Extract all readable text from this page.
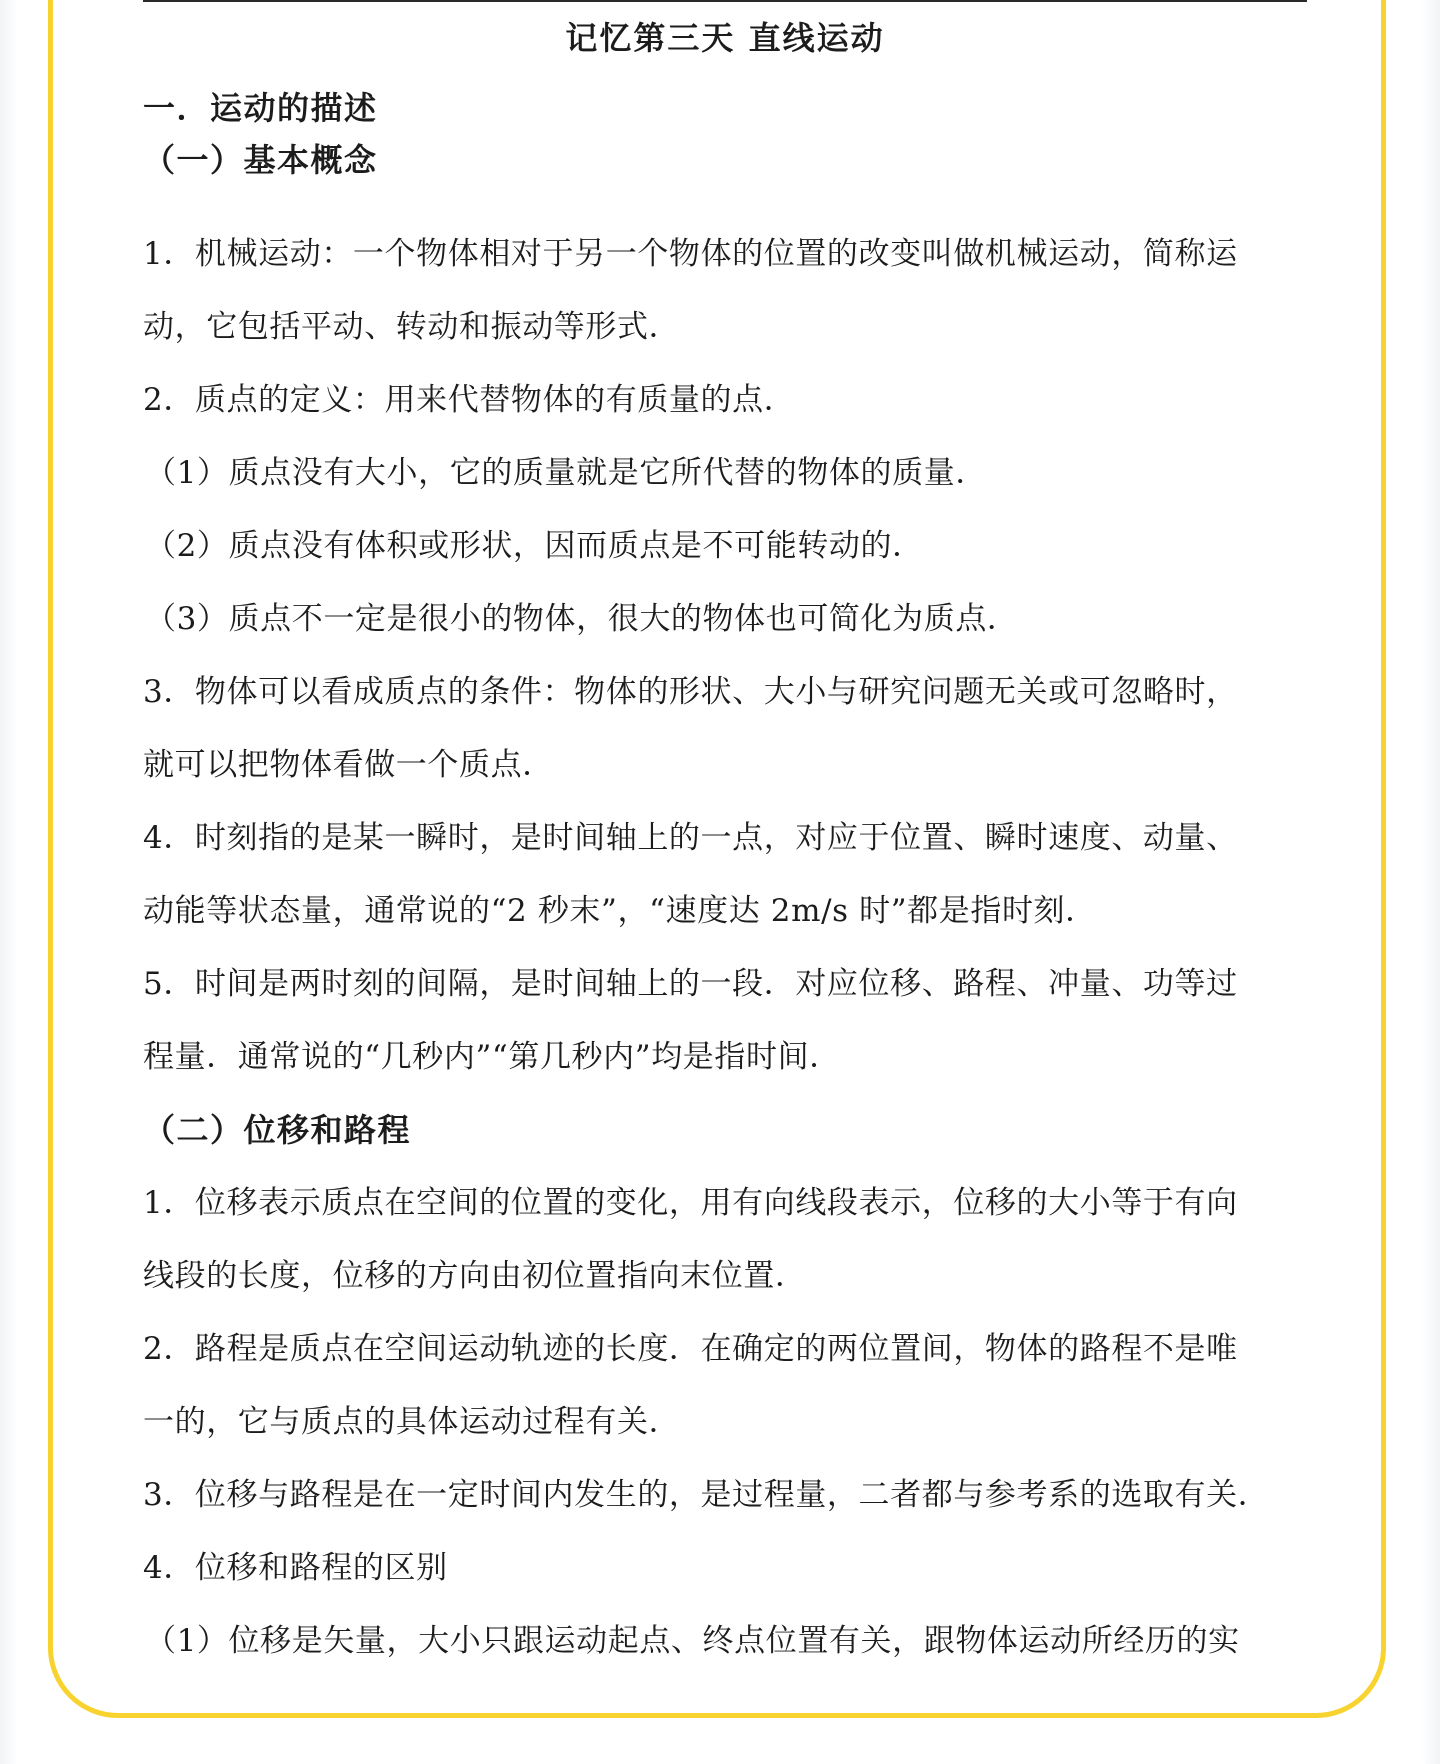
记忆第三天 直线运动
一．运动的描述
（一）基本概念
1．机械运动：一个物体相对于另一个物体的位置的改变叫做机械运动，简称运
动，它包括平动、转动和振动等形式．
2．质点的定义：用来代替物体的有质量的点．
（1）质点没有大小，它的质量就是它所代替的物体的质量．
（2）质点没有体积或形状，因而质点是不可能转动的．
（3）质点不一定是很小的物体，很大的物体也可简化为质点．
3．物体可以看成质点的条件：物体的形状、大小与研究问题无关或可忽略时，
就可以把物体看做一个质点．
4．时刻指的是某一瞬时，是时间轴上的一点，对应于位置、瞬时速度、动量、
动能等状态量，通常说的“2 秒末”，“速度达 2m/s 时”都是指时刻．
5．时间是两时刻的间隔，是时间轴上的一段．对应位移、路程、冲量、功等过
程量．通常说的“几秒内”“第几秒内”均是指时间．
（二）位移和路程
1．位移表示质点在空间的位置的变化，用有向线段表示，位移的大小等于有向
线段的长度，位移的方向由初位置指向末位置．
2．路程是质点在空间运动轨迹的长度．在确定的两位置间，物体的路程不是唯
一的，它与质点的具体运动过程有关．
3．位移与路程是在一定时间内发生的，是过程量，二者都与参考系的选取有关．
4．位移和路程的区别
（1）位移是矢量，大小只跟运动起点、终点位置有关，跟物体运动所经历的实
